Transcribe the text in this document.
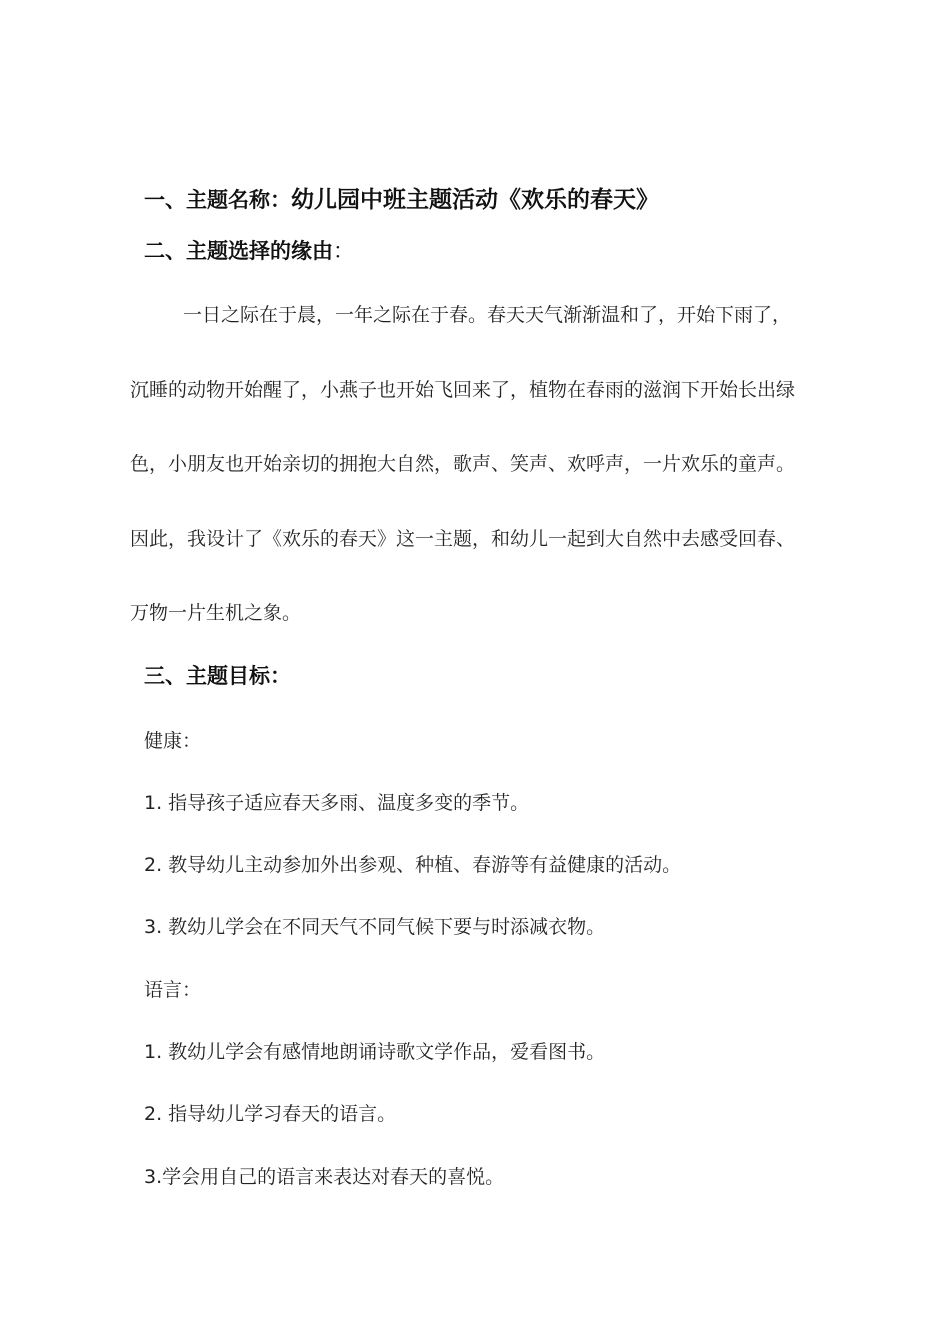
一、主题名称：幼儿园中班主题活动《欢乐的春天》
二、主题选择的缘由：
一日之际在于晨，一年之际在于春。春天天气渐渐温和了，开始下雨了，
沉睡的动物开始醒了，小燕子也开始飞回来了，植物在春雨的滋润下开始长出绿
色，小朋友也开始亲切的拥抱大自然，歌声、笑声、欢呼声，一片欢乐的童声。
因此，我设计了《欢乐的春天》这一主题，和幼儿一起到大自然中去感受回春、
万物一片生机之象。
三、主题目标：
健康：
1. 指导孩子适应春天多雨、温度多变的季节。
2. 教导幼儿主动参加外出参观、种植、春游等有益健康的活动。
3. 教幼儿学会在不同天气不同气候下要与时添减衣物。
语言：
1. 教幼儿学会有感情地朗诵诗歌文学作品，爱看图书。
2. 指导幼儿学习春天的语言。
3.学会用自己的语言来表达对春天的喜悦。
